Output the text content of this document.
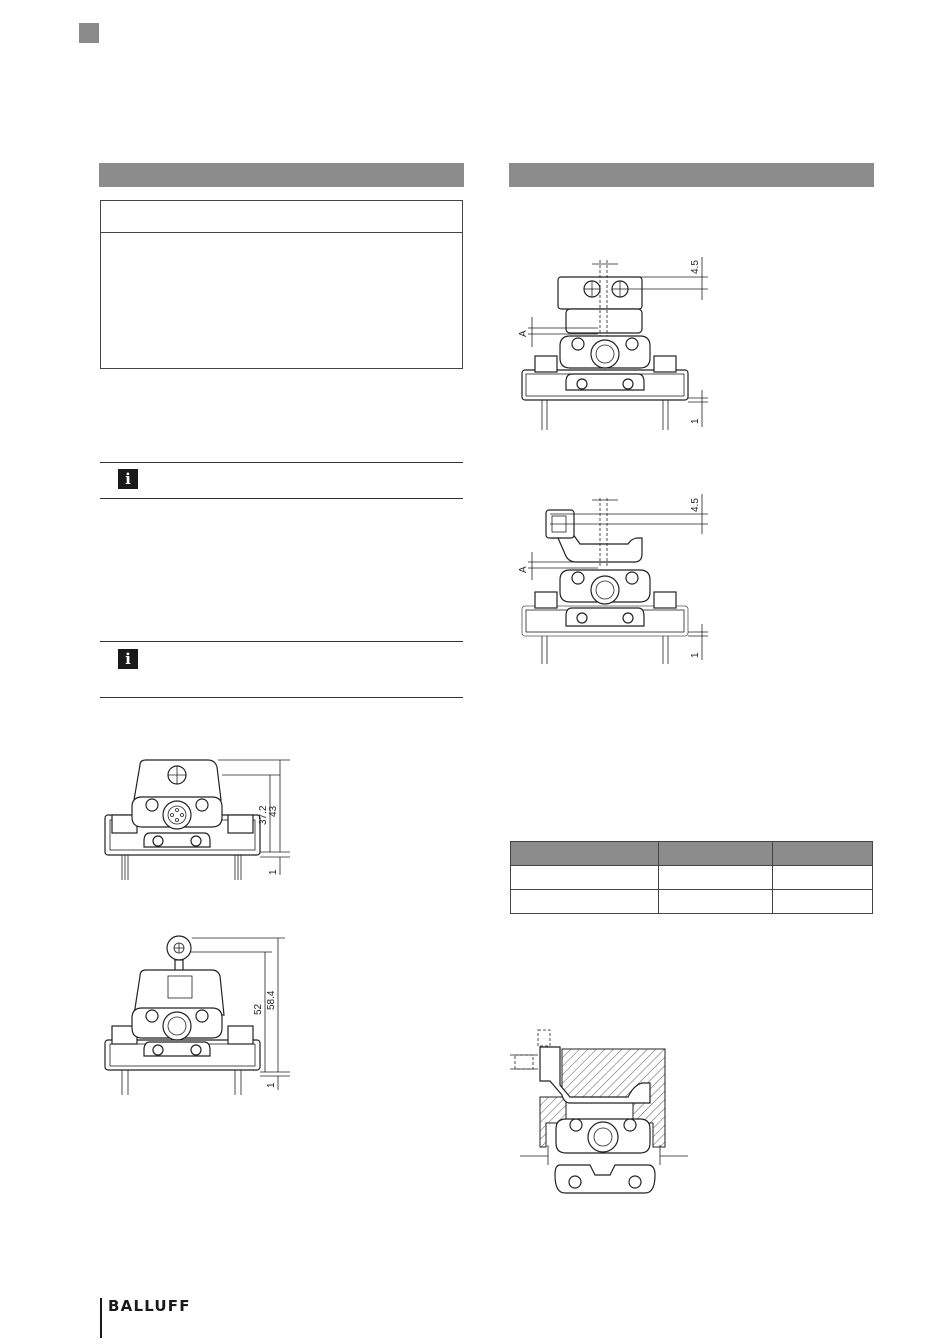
i
i
37.2 43
1
52 58.4
1
4.5
A
1
4.5
A
1

BALLUFF
